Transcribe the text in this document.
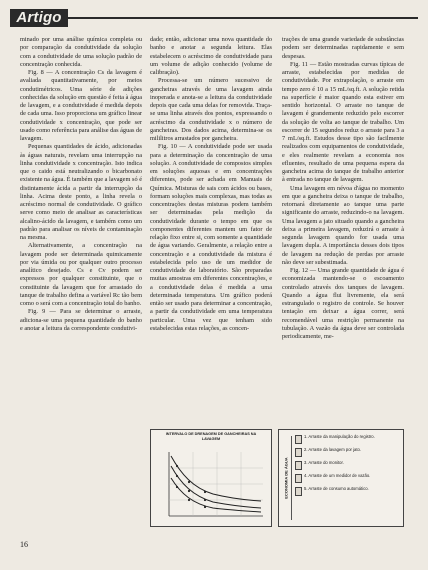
Artigo

minado por uma análise química completa ou por comparação da condutividade da solução com a condutividade de uma solução padrão de concentração conhecida.

Fig. 8 — A concentração Cs da lavagem é avaliada quantitativamente, por meios condutimétricos. Uma série de adições conhecidas da solução em questão é feita à água de lavagem, e a condutividade é medida depois de cada uma. Isso proporciona um gráfico linear condutividade x concentração, que pode ser usado como referência para análise das águas de lavagem.

Pequenas quantidades de ácido, adicionadas às águas naturais, revelam uma interrupção na linha condutividade x concentração. Isto indica que o caido está neutralizando o bicarbonato existente na água. É também que a lavagem só é distintamente ácida a partir da interrupção da linha. Acima deste ponto, a linha revela o acréscimo normal de condutividade. O gráfico serve como meio de analisar as características alcalino-ácido da lavagem, e também como um padrão para analisar os níveis de contaminação na mesma.

Alternativamente, a concentração na lavagem pode ser determinada quimicamente por via úmida ou por qualquer outro processo analítico desejado. Cs e Cv podem ser expressos por qualquer constituinte, que o constituinte da lavagem que for arrastado do tanque de trabalho defina a variável Rc tão bem como o será com a concentração total do banho.

Fig. 9 — Para se determinar o arraste, adiciona-se uma pequena quantidade do banho e anotar a leitura da correspondente condutivi-

dade; então, adicionar uma nova quantidade do banho e anotar a segunda leitura. Elas estabelecem o acréscimo de condutividade para um volume de adição conhecido (volume de calibração).

Processa-se um número sucessivo de gancheiras através de uma lavagem ainda inoperada e anota-se a leitura da condutividade depois que cada uma delas for removida. Traça-se uma linha através dos pontos, expressando o acréscimo da condutividade x o número de gancheiras. Dos dados acima, determina-se os mililitros arrastados por gancheira.

Fig. 10 — A condutividade pode ser usada para a determinação da concentração de uma solução. A condutividade de compostos simples em soluções aquosas e em concentrações diferentes, pode ser achada em Manuais de Química. Misturas de sais com ácidos ou bases, formam soluções mais complexas, mas todas as concentrações destas misturas podem também ser determinadas pela medição da condutividade durante o tempo em que os componentes diferentes mantem um fator de relação fixo entre si, com somente a quantidade de água variando. Geralmente, a relação entre a concentração e a condutividade da mistura é estabelecida pelo uso de um medidor de condutividade de laboratório. São preparadas muitas amostras em diferentes concentrações, e a condutividade delas é medida a uma determinada temperatura. Um gráfico poderá então ser usado para determinar a concentração, a partir da condutividade em uma temperatura particular. Uma vez que tenham sido estabelecidas estas relações, as concen-

trações de uma grande variedade de substâncias podem ser determinadas rapidamente e sem despesas.

Fig. 11 — Estão mostradas curvas típicas de arraste, estabelecidas por medidas de condutividade. Por extrapolação, o arraste em tempo zero é 10 a 15 mL/sq.ft. A solução retida na superfície é maior quando esta estiver em sentido horizontal. O arraste no tanque de lavagem é grandemente reduzido pelo escorrer da solução de volta ao tanque de trabalho. Um escorrer de 15 segundos reduz o arraste para 3 a 7 mL/sq.ft. Estudos desse tipo são facilmente realizados com equipamentos de condutividade, e eles realmente revelam a economia nos efluentes, resultado de uma pequena espera da gancheira acima do tanque de trabalho anterior à entrada no tanque de lavagem.

Uma lavagem em névoa d'água no momento em que a gancheira deixa o tanque de trabalho, retornará diretamente ao tanque uma parte significante do arraste, reduzindo-o na lavagem. Uma lavagem a jato situado quando a gancheira deixa a primeira lavagem, reduzirá o arraste à segunda lavagem quando for usada uma lavagem dupla. A importância desses dois tipos de lavagem na redução de perdas por arraste não deve ser subestimada.

Fig. 12 — Uma grande quantidade de água é economizada mantendo-se o escoamento controlado através dos tanques de lavagem. Quando a água flui livremente, ela será estrangulado o registro de controle. Se houver tentação em deixar a água correr, será recomendável uma restrição permanente na tubulação. A vazão da água deve ser controlada periodicamente, me-

INTERVALO DE DRENAGEM DE GANCHEIRAS NA LAVAGEM
ECONOMIA DE ÁGUA
1. Arraste da manipulação do registro.
2. Arraste da lavagem por jato.
3. Arraste do monitor.
4. Arraste de um medidor de vazão.
5. Arraste de consumo automático.
16
